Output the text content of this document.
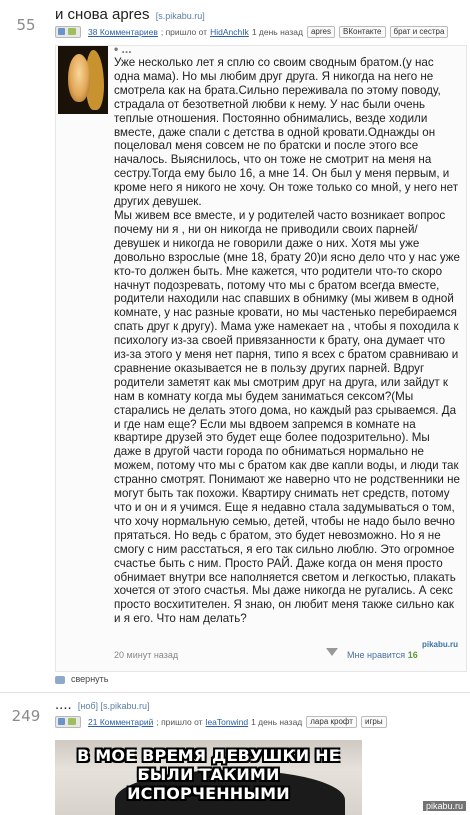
55
и снова apres [s.pikabu.ru]
38 Комментариев ; пришло от HidAnchIk 1 день назад	apres	ВКонтакте	брат и сестра
• ...

Уже несколько лет я сплю со своим сводным братом.(у нас одна мама). Но мы любим друг друга. Я никогда на него не смотрела как на брата.Сильно переживала по этому поводу, страдала от безответной любви к нему. У нас были очень теплые отношения. Постоянно обнимались, везде ходили вместе, даже спали с детства в одной кровати.Однажды он поцеловал меня совсем не по братски и после этого все началось. Выяснилось, что он тоже не смотрит на меня на сестру.Тогда ему было 16, а мне 14. Он был у меня первым, и кроме него я никого не хочу. Он тоже только со мной, у него нет других девушек.

Мы живем все вместе, и у родителей часто возникает вопрос почему ни я , ни он никогда не приводили своих парней/девушек и никогда не говорили даже о них. Хотя мы уже довольно взрослые (мне 18, брату 20)и ясно дело что у нас уже кто-то должен быть. Мне кажется, что родители что-то скоро начнут подозревать, потому что мы с братом всегда вместе, родители находили нас спавших в обнимку (мы живем в одной комнате, у нас разные кровати, но мы частенько перебираемся спать друг к другу). Мама уже намекает на , чтобы я походила к психологу из-за своей привязанности к брату, она думает что из-за этого у меня нет парня, типо я всех с братом сравниваю и сравнение оказывается не в пользу других парней. Вдруг родители заметят как мы смотрим друг на друга, или зайдут к нам в комнату когда мы будем заниматься сексом?(Мы старались не делать этого дома, но каждый раз срываемся. Да и где нам еще? Если мы вдвоем запремся в комнате на квартире друзей это будет еще более подозрительно). Мы даже в другой части города по обниматься нормально не можем, потому что мы с братом как две капли воды, и люди так странно смотрят. Понимают же наверно что не родственники не могут быть так похожи. Квартиру снимать нет средств, потому что и он и я учимся. Еще я недавно стала задумываться о том, что хочу нормальную семью, детей, чтобы не надо было вечно прятаться. Но ведь с братом, это будет невозможно. Но я не смогу с ним расстаться, я его так сильно люблю. Это огромное счастье быть с ним. Просто РАЙ. Даже когда он меня просто обнимает внутри все наполняется светом и легкостью, плакать хочется от этого счастья. Мы даже никогда не ругались. А секс просто восхитителен. Я знаю, он любит меня также сильно как и я его. Что нам делать?

20 минут назад	Мне нравится 16
pikabu.ru
свернуть
249
.... [ноб] [s.pikabu.ru]
21 Комментарий ; пришло от leaTonwind 1 день назад	лара крофт	игры
В МОЕ ВРЕМЯ ДЕВУШКИ НЕ БЫЛИ ТАКИМИ ИСПОРЧЕННЫМИ
pikabu.ru
